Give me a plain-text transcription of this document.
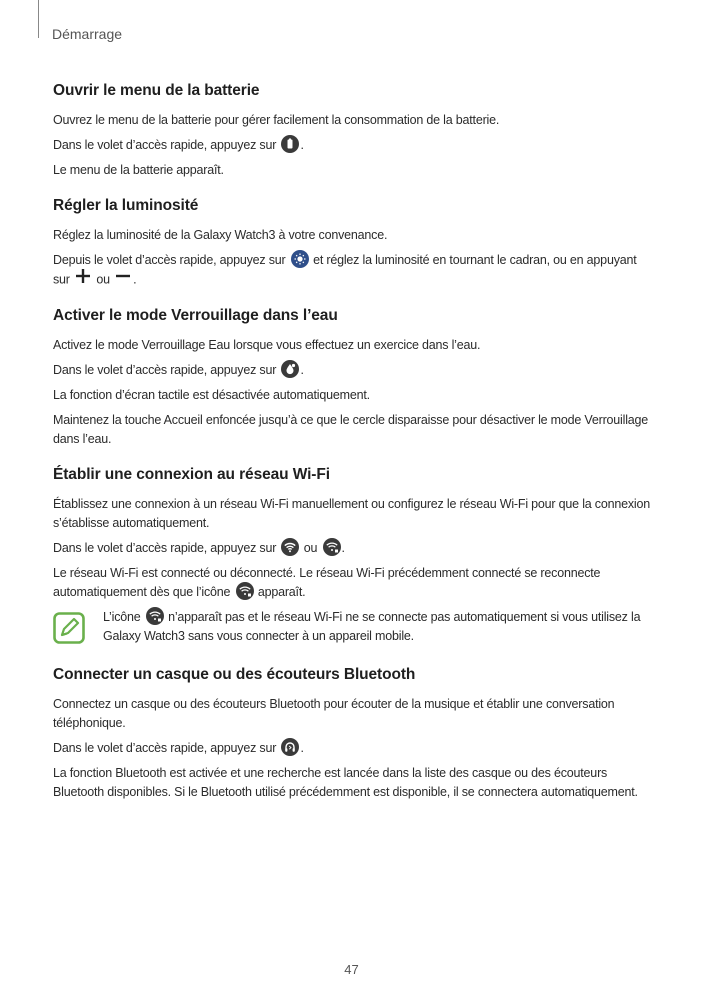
Démarrage
Ouvrir le menu de la batterie

Ouvrez le menu de la batterie pour gérer facilement la consommation de la batterie.

Dans le volet d’accès rapide, appuyez sur .

Le menu de la batterie apparaît.

Régler la luminosité

Réglez la luminosité de la Galaxy Watch3 à votre convenance.

Depuis le volet d’accès rapide, appuyez sur et réglez la luminosité en tournant le cadran, ou en appuyant sur ou .

Activer le mode Verrouillage dans l’eau

Activez le mode Verrouillage Eau lorsque vous effectuez un exercice dans l’eau.

Dans le volet d’accès rapide, appuyez sur .

La fonction d’écran tactile est désactivée automatiquement.

Maintenez la touche Accueil enfoncée jusqu’à ce que le cercle disparaisse pour désactiver le mode Verrouillage dans l’eau.

Établir une connexion au réseau Wi-Fi

Établissez une connexion à un réseau Wi-Fi manuellement ou configurez le réseau Wi-Fi pour que la connexion s’établisse automatiquement.

Dans le volet d’accès rapide, appuyez sur ou .

Le réseau Wi-Fi est connecté ou déconnecté. Le réseau Wi-Fi précédemment connecté se reconnecte automatiquement dès que l’icône apparaît.

L’icône n’apparaît pas et le réseau Wi-Fi ne se connecte pas automatiquement si vous utilisez la Galaxy Watch3 sans vous connecter à un appareil mobile.

Connecter un casque ou des écouteurs Bluetooth

Connectez un casque ou des écouteurs Bluetooth pour écouter de la musique et établir une conversation téléphonique.

Dans le volet d’accès rapide, appuyez sur .

La fonction Bluetooth est activée et une recherche est lancée dans la liste des casque ou des écouteurs Bluetooth disponibles. Si le Bluetooth utilisé précédemment est disponible, il se connectera automatiquement.

47
